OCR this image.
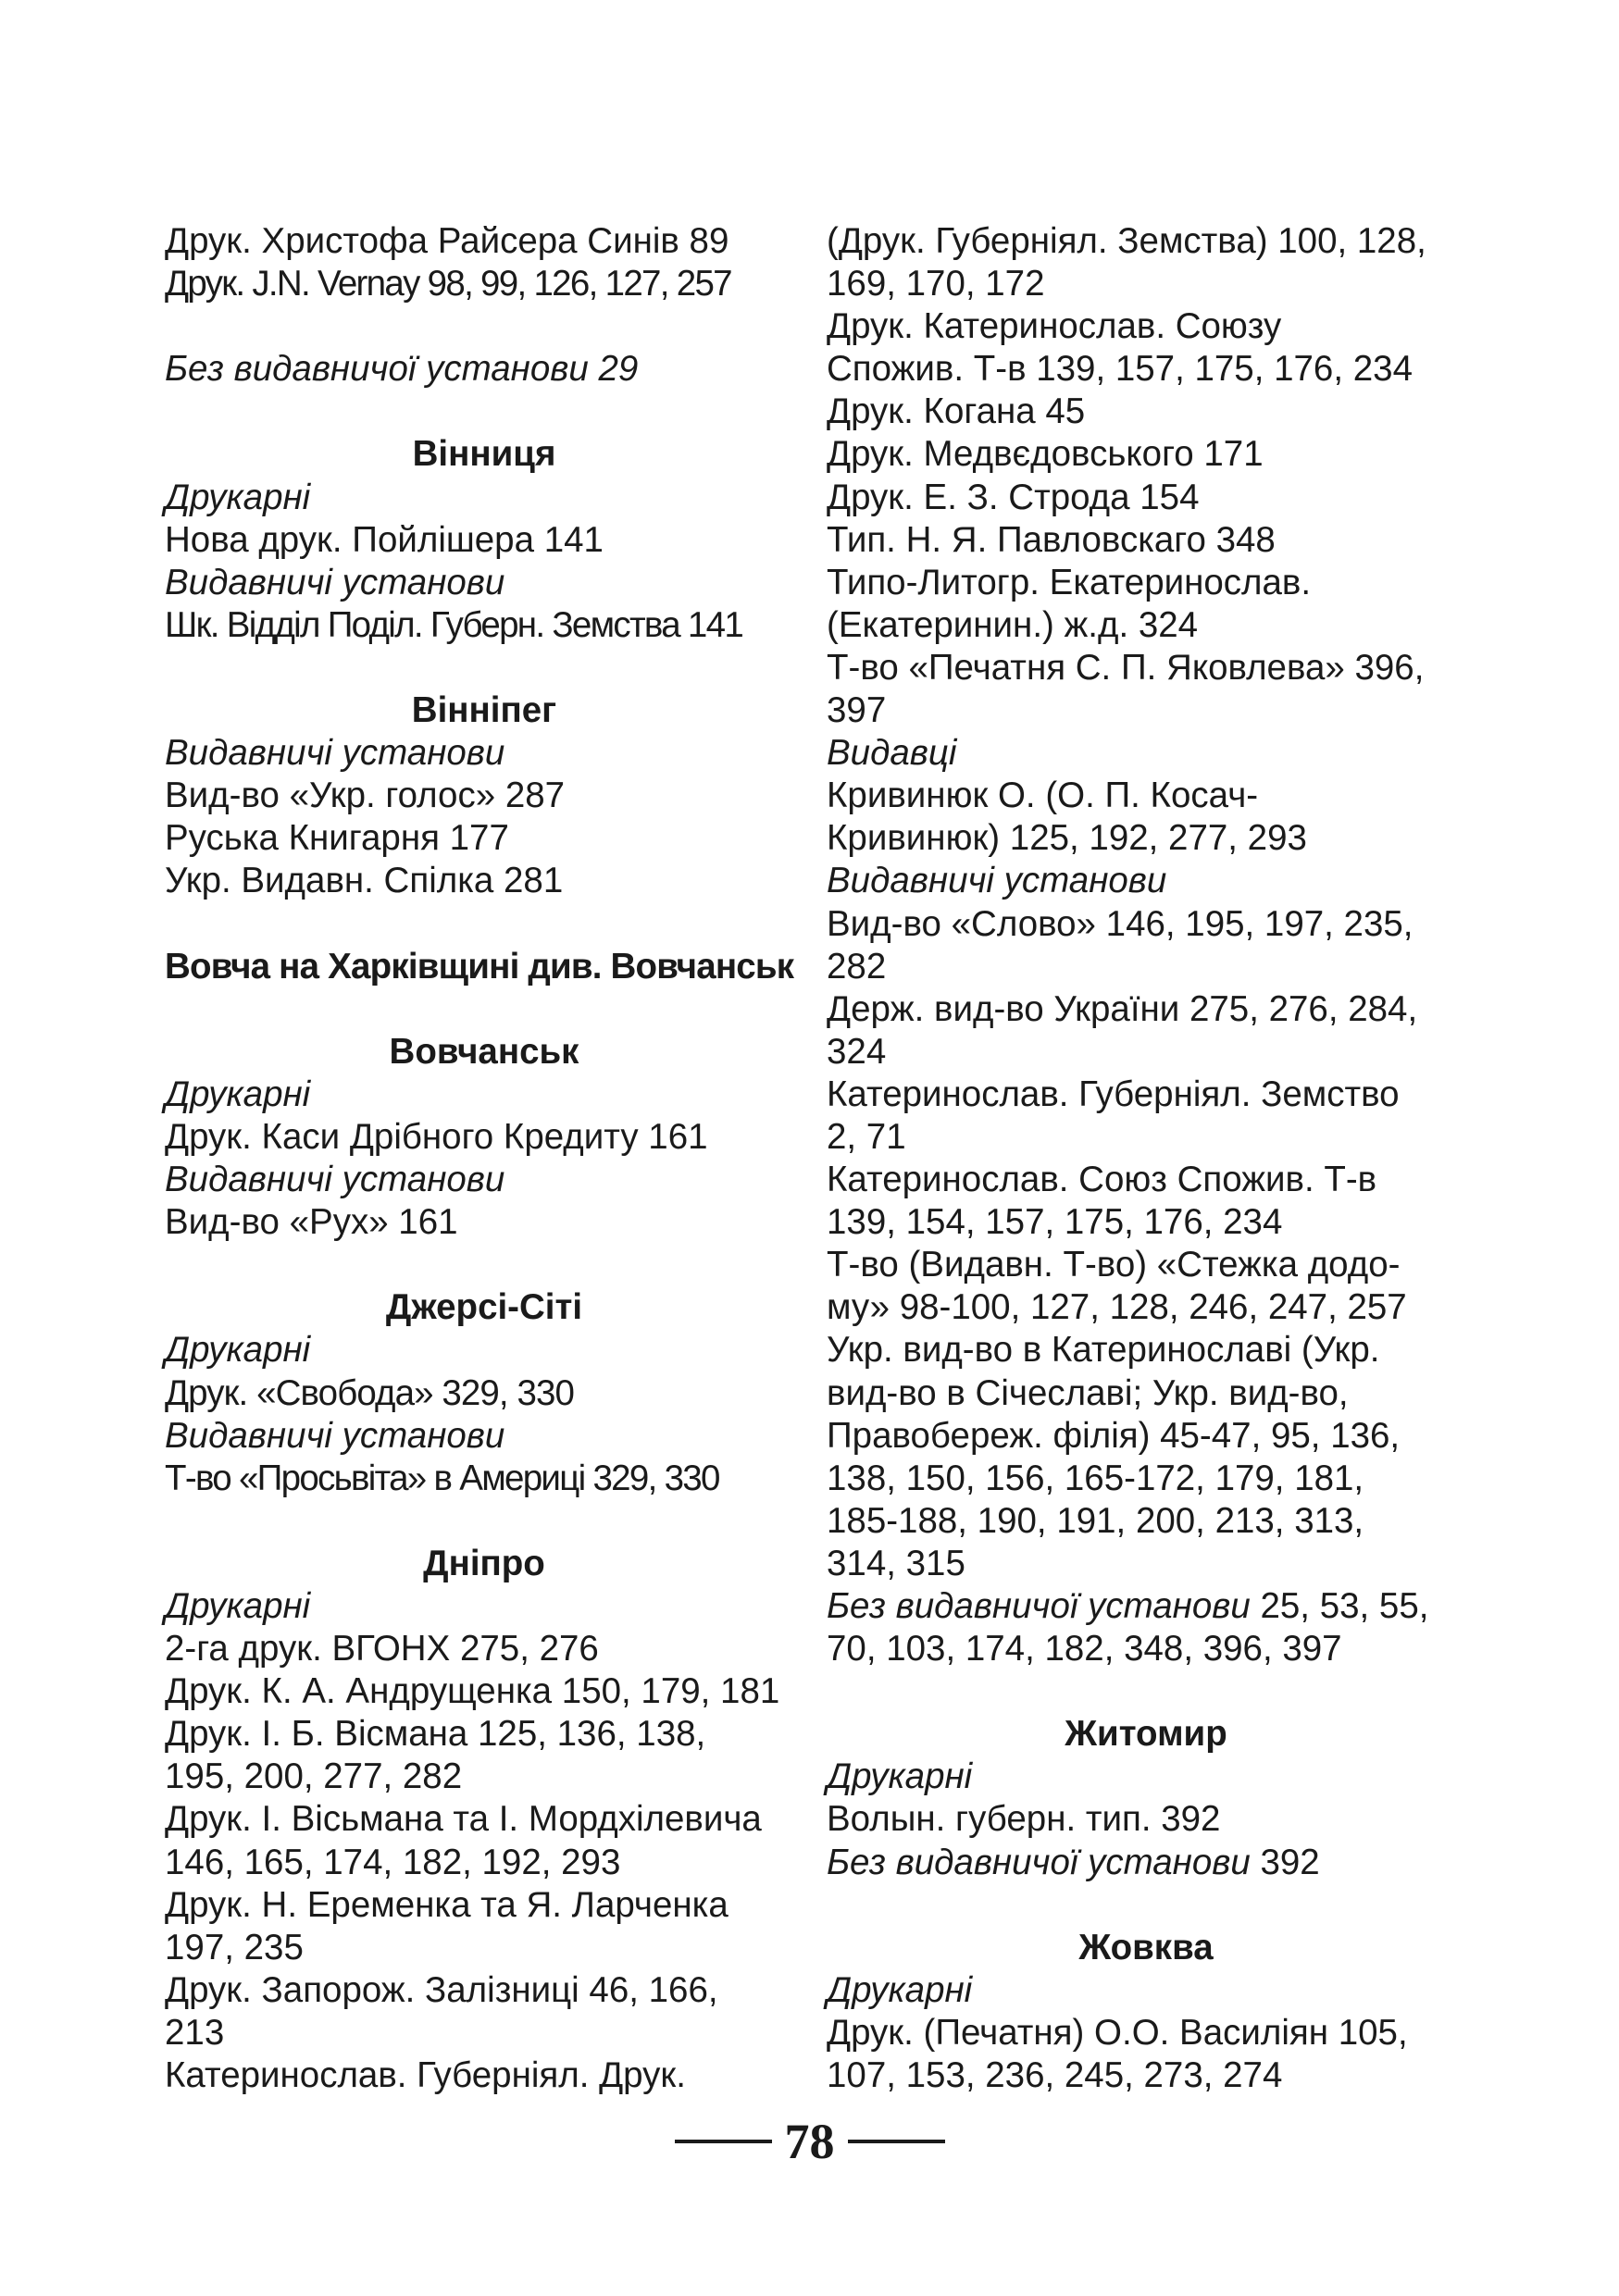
Друк. Христофа Райсера Синів 89
Друк. J.N. Vernay 98, 99, 126, 127, 257
Без видавничої установи 29
Вінниця
Друкарні
Нова друк. Пойлішера 141
Видавничі установи
Шк. Відділ Поділ. Губерн. Земства 141
Вінніпег
Видавничі установи
Вид-во «Укр. голос» 287
Руська Книгарня 177
Укр. Видавн. Спілка 281
Вовча на Харківщині див. Вовчанськ
Вовчанськ
Друкарні
Друк. Каси Дрібного Кредиту 161
Видавничі установи
Вид-во «Рух» 161
Джерсі-Сіті
Друкарні
Друк. «Свобода» 329, 330
Видавничі установи
Т-во «Просьвіта» в Америці 329, 330
Дніпро
Друкарні
2-га друк. ВГОНХ 275, 276
Друк. К. А. Андрущенка 150, 179, 181
Друк. І. Б. Вісмана 125, 136, 138,
195, 200, 277, 282
Друк. І. Вісьмана та І. Мордхілевича
146, 165, 174, 182, 192, 293
Друк. Н. Еременка та Я. Ларченка
197, 235
Друк. Запорож. Залізниці 46, 166,
213
Катеринослав. Губерніял. Друк.
(Друк. Губерніял. Земства) 100, 128,
169, 170, 172
Друк. Катеринослав. Союзу
Спожив. Т-в 139, 157, 175, 176, 234
Друк. Когана 45
Друк. Медвєдовського 171
Друк. Е. З. Строда 154
Тип. Н. Я. Павловскаго 348
Типо-Литогр. Екатеринослав.
(Екатеринин.) ж.д. 324
Т-во «Печатня С. П. Яковлева» 396,
397
Видавці
Кривинюк О. (О. П. Косач-
Кривинюк) 125, 192, 277, 293
Видавничі установи
Вид-во «Слово» 146, 195, 197, 235,
282
Держ. вид-во України 275, 276, 284,
324
Катеринослав. Губерніял. Земство
2, 71
Катеринослав. Союз Спожив. Т-в
139, 154, 157, 175, 176, 234
Т-во (Видавн. Т-во) «Стежка додо-
му» 98-100, 127, 128, 246, 247, 257
Укр. вид-во в Катеринославі (Укр.
вид-во в Січеславі; Укр. вид-во,
Правобереж. філія) 45-47, 95, 136,
138, 150, 156, 165-172, 179, 181,
185-188, 190, 191, 200, 213, 313,
314, 315
Без видавничої установи 25, 53, 55,
70, 103, 174, 182, 348, 396, 397
Житомир
Друкарні
Волын. губерн. тип. 392
Без видавничої установи 392
Жовква
Друкарні
Друк. (Печатня) О.О. Василіян 105,
107, 153, 236, 245, 273, 274
78
